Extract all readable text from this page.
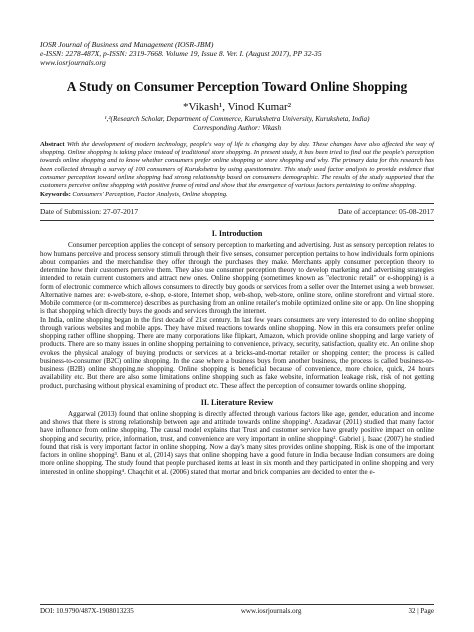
IOSR Journal of Business and Management (IOSR-JBM)
e-ISSN: 2278-487X, p-ISSN: 2319-7668. Volume 19, Issue 8. Ver. I. (August 2017), PP 32-35
www.iosrjournals.org
A Study on Consumer Perception Toward Online Shopping
*Vikash¹, Vinod Kumar²
¹,²(Research Scholar, Department of Commerce, Kurukshetra University, Kuruksheta, India)
Corresponding Author: Vikash
Abstract With the development of modern technology, people's way of life is changing day by day. These changes have also affected the way of shopping. Online shopping is taking place instead of traditional store shopping. In present study, it has been tried to find out the people's perception towards online shopping and to know whether consumers prefer online shopping or store shopping and why. The primary data for this research has been collected through a survey of 100 consumers of Kurukshetra by using questionnaire. This study used factor analysis to provide evidence that consumer perception toward online shopping had strong relationship based on consumers demographic. The results of the study supported that the customers perceive online shopping with positive frame of mind and show that the emergence of various factors pertaining to online shopping.
Keywords: Consumers' Perception, Factor Analysis, Online shopping.
Date of Submission: 27-07-2017	Date of acceptance: 05-08-2017
I. Introduction

Consumer perception applies the concept of sensory perception to marketing and advertising. Just as sensory perception relates to how humans perceive and process sensory stimuli through their five senses, consumer perception pertains to how individuals form opinions about companies and the merchandise they offer through the purchases they make. Merchants apply consumer perception theory to determine how their customers perceive them. They also use consumer perception theory to develop marketing and advertising strategies intended to retain current customers and attract new ones. Online shopping (sometimes known as "electronic retail" or e-shopping) is a form of electronic commerce which allows consumers to directly buy goods or services from a seller over the Internet using a web browser. Alternative names are: e-web-store, e-shop, e-store, Internet shop, web-shop, web-store, online store, online storefront and virtual store. Mobile commerce (or m-commerce) describes as purchasing from an online retailer's mobile optimized online site or app. On line shopping is that shopping which directly buys the goods and services through the internet.

In India, online shopping began in the first decade of 21st century. In last few years consumers are very interested to do online shopping through various websites and mobile apps. They have mixed reactions towards online shopping. Now in this era consumers prefer online shopping rather offline shopping. There are many corporations like flipkart, Amazon, which provide online shopping and large variety of products. There are so many issues in online shopping pertaining to convenience, privacy, security, satisfaction, quality etc. An online shop evokes the physical analogy of buying products or services at a bricks-and-mortar retailer or shopping center; the process is called business-to-consumer (B2C) online shopping. In the case where a business buys from another business, the process is called business-to-business (B2B) online shopping.ne shopping. Online shopping is beneficial because of convenience, more choice, quick, 24 hours availability etc. But there are also some limitations online shopping such as fake website, information leakage risk, risk of not getting product, purchasing without physical examining of product etc. These affect the perception of consumer towards online shopping.

II. Literature Review

Aggarwal (2013) found that online shopping is directly affected through various factors like age, gender, education and income and shows that there is strong relationship between age and attitude towards online shopping¹. Azadavar (2011) studied that many factor have influence from online shopping. The causal model explains that Trust and customer service have greatly positive impact on online shopping and security, price, information, trust, and convenience are very important in online shopping². Gabriel j. Isaac (2007) he studied found that risk is very important factor in online shopping. Now a day's many sites provides online shopping. Risk is one of the important factors in online shopping³. Banu et al, (2014) says that online shopping have a good future in India because Indian consumers are doing more online shopping. The study found that people purchased items at least in six month and they participated in online shopping and very interested in online shopping⁴. Chaqchit et al. (2006) stated that mortar and brick companies are decided to enter the e-

DOI: 10.9790/487X-1908013235	www.iosrjournals.org	32 | Page
